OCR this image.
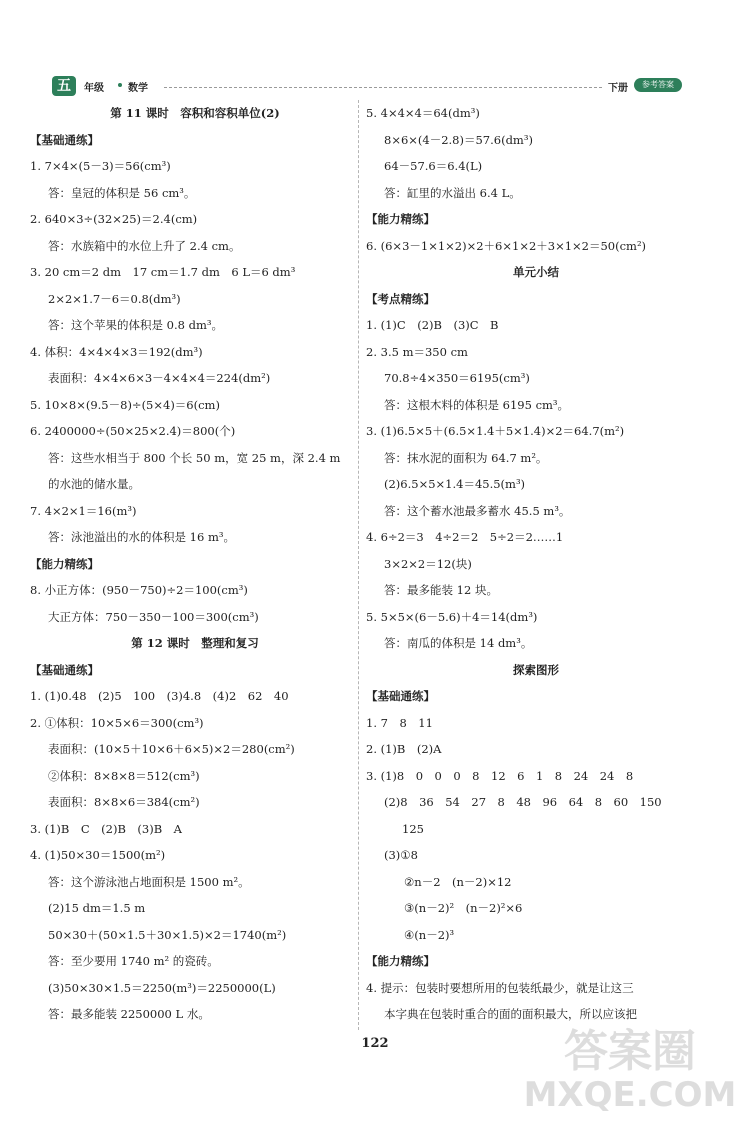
五	年级 数学	下册	参考答案
第 11 课时　容积和容积单位(2)
【基础通练】
1. 7×4×(5－3)＝56(cm³)
答：皇冠的体积是 56 cm³。
2. 640×3÷(32×25)＝2.4(cm)
答：水族箱中的水位上升了 2.4 cm。
3. 20 cm＝2 dm　17 cm＝1.7 dm　6 L＝6 dm³
2×2×1.7－6＝0.8(dm³)
答：这个苹果的体积是 0.8 dm³。
4. 体积：4×4×4×3＝192(dm³)
表面积：4×4×6×3－4×4×4＝224(dm²)
5. 10×8×(9.5－8)÷(5×4)＝6(cm)
6. 2400000÷(50×25×2.4)＝800(个)
答：这些水相当于 800 个长 50 m，宽 25 m，深 2.4 m
的水池的储水量。
7. 4×2×1＝16(m³)
答：泳池溢出的水的体积是 16 m³。
【能力精练】
8. 小正方体：(950－750)÷2＝100(cm³)
大正方体：750－350－100＝300(cm³)
第 12 课时　整理和复习
【基础通练】
1. (1)0.48　(2)5　100　(3)4.8　(4)2　62　40
2. ①体积：10×5×6＝300(cm³)
表面积：(10×5＋10×6＋6×5)×2＝280(cm²)
②体积：8×8×8＝512(cm³)
表面积：8×8×6＝384(cm²)
3. (1)B　C　(2)B　(3)B　A
4. (1)50×30＝1500(m²)
答：这个游泳池占地面积是 1500 m²。
(2)15 dm＝1.5 m
50×30＋(50×1.5＋30×1.5)×2＝1740(m²)
答：至少要用 1740 m² 的瓷砖。
(3)50×30×1.5＝2250(m³)＝2250000(L)
答：最多能装 2250000 L 水。
5. 4×4×4＝64(dm³)
8×6×(4－2.8)＝57.6(dm³)
64－57.6＝6.4(L)
答：缸里的水溢出 6.4 L。
【能力精练】
6. (6×3－1×1×2)×2＋6×1×2＋3×1×2＝50(cm²)
单元小结
【考点精练】
1. (1)C　(2)B　(3)C　B
2. 3.5 m＝350 cm
70.8÷4×350＝6195(cm³)
答：这根木料的体积是 6195 cm³。
3. (1)6.5×5＋(6.5×1.4＋5×1.4)×2＝64.7(m²)
答：抹水泥的面积为 64.7 m²。
(2)6.5×5×1.4＝45.5(m³)
答：这个蓄水池最多蓄水 45.5 m³。
4. 6÷2＝3　4÷2＝2　5÷2＝2……1
3×2×2＝12(块)
答：最多能装 12 块。
5. 5×5×(6－5.6)＋4＝14(dm³)
答：南瓜的体积是 14 dm³。
探索图形
【基础通练】
1. 7　8　11
2. (1)B　(2)A
3. (1)8　0　0　0　8　12　6　1　8　24　24　8
(2)8　36　54　27　8　48　96　64　8　60　150
125
(3)①8
②n－2　(n－2)×12
③(n－2)²　(n－2)²×6
④(n－2)³
【能力精练】
4. 提示：包装时要想所用的包装纸最少，就是让这三
本字典在包装时重合的面的面积最大，所以应该把
122	答案圈
MXQE.COM
